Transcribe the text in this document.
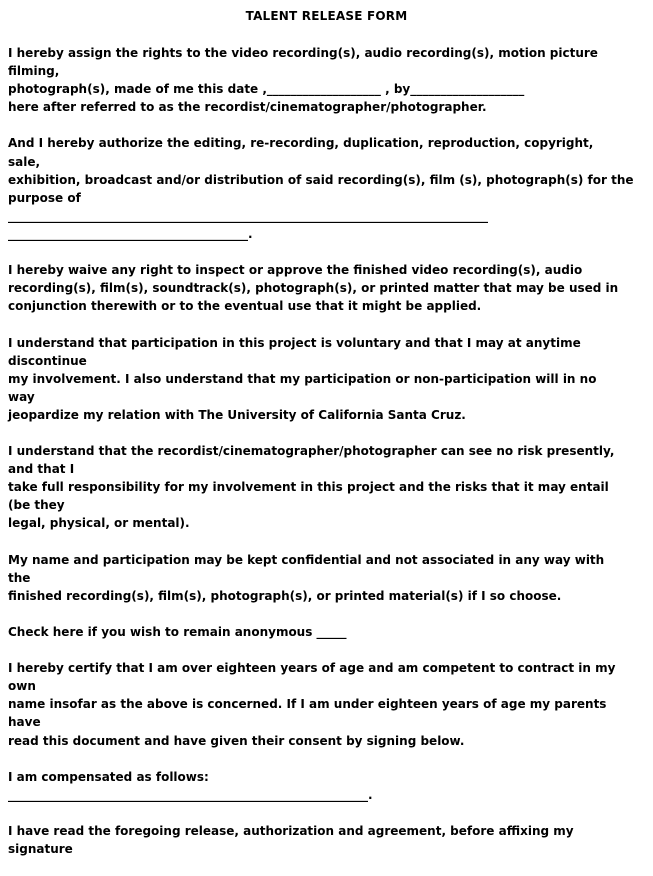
TALENT RELEASE FORM
I hereby assign the rights to the video recording(s), audio recording(s), motion picture
filming,
photograph(s), made of me this date ,___________________ , by___________________
here after referred to as the recordist/cinematographer/photographer.
And I hereby authorize the editing, re-recording, duplication, reproduction, copyright,
sale,
exhibition, broadcast and/or distribution of said recording(s), film (s), photograph(s) for the
purpose of
________________________________________________________________________________
________________________________________.
I hereby waive any right to inspect or approve the finished video recording(s), audio
recording(s), film(s), soundtrack(s), photograph(s), or printed matter that may be used in
conjunction therewith or to the eventual use that it might be applied.
I understand that participation in this project is voluntary and that I may at anytime
discontinue
my involvement. I also understand that my participation or non-participation will in no
way
jeopardize my relation with The University of California Santa Cruz.
I understand that the recordist/cinematographer/photographer can see no risk presently,
and that I
take full responsibility for my involvement in this project and the risks that it may entail
(be they
legal, physical, or mental).
My name and participation may be kept confidential and not associated in any way with
the
finished recording(s), film(s), photograph(s), or printed material(s) if I so choose.
Check here if you wish to remain anonymous _____
I hereby certify that I am over eighteen years of age and am competent to contract in my
own
name insofar as the above is concerned. If I am under eighteen years of age my parents
have
read this document and have given their consent by signing below.
I am compensated as follows:
____________________________________________________________.
I have read the foregoing release, authorization and agreement, before affixing my
signature
